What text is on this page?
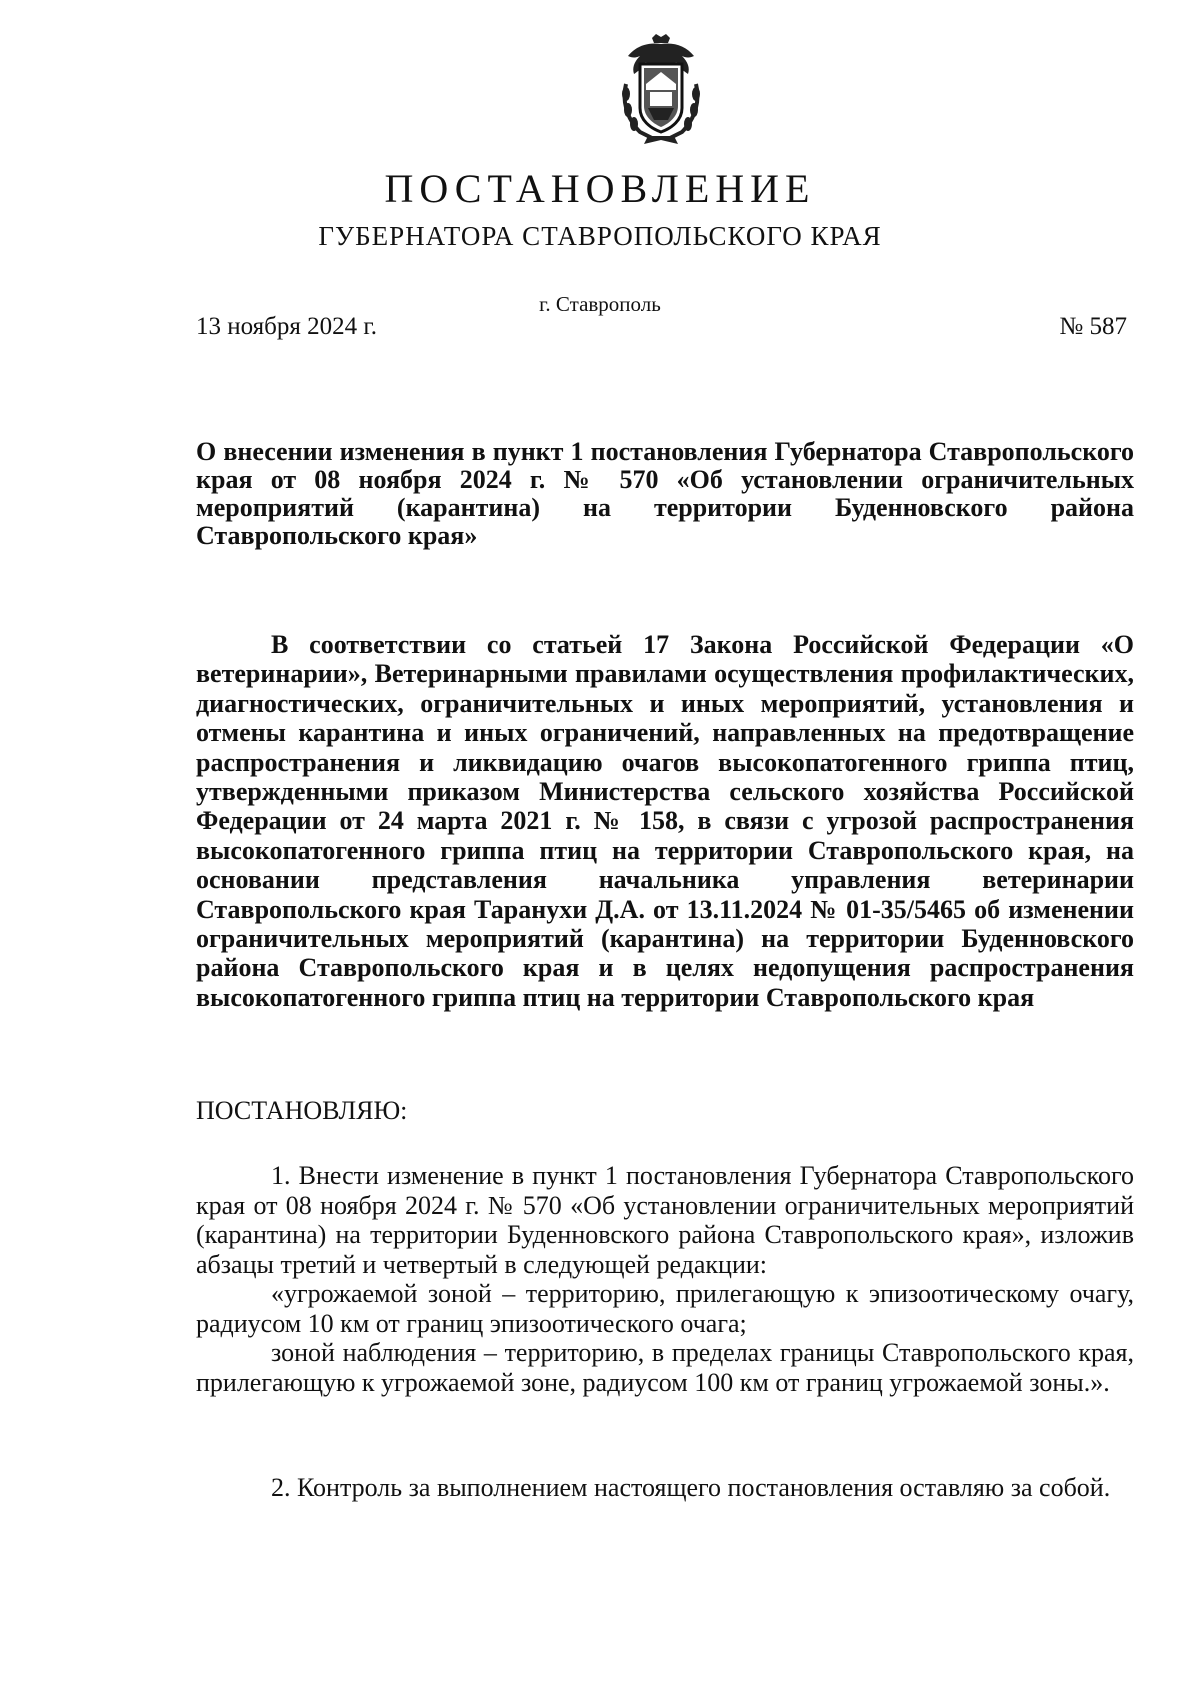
ПОСТАНОВЛЕНИЕ
ГУБЕРНАТОРА СТАВРОПОЛЬСКОГО КРАЯ
г. Ставрополь
13 ноября 2024 г.	№ 587

О внесении изменения в пункт 1 постановления Губернатора Ставропольского края от 08 ноября 2024 г. № 570 «Об установлении ограничительных мероприятий (карантина) на территории Буденновского района Ставропольского края»

В соответствии со статьей 17 Закона Российской Федерации «О ветеринарии», Ветеринарными правилами осуществления профилактических, диагностических, ограничительных и иных мероприятий, установления и отмены карантина и иных ограничений, направленных на предотвращение распространения и ликвидацию очагов высокопатогенного гриппа птиц, утвержденными приказом Министерства сельского хозяйства Российской Федерации от 24 марта 2021 г. № 158, в связи с угрозой распространения высокопатогенного гриппа птиц на территории Ставропольского края, на основании представления начальника управления ветеринарии Ставропольского края Таранухи Д.А. от 13.11.2024 № 01-35/5465 об изменении ограничительных мероприятий (карантина) на территории Буденновского района Ставропольского края и в целях недопущения распространения высокопатогенного гриппа птиц на территории Ставропольского края

ПОСТАНОВЛЯЮ:

1. Внести изменение в пункт 1 постановления Губернатора Ставропольского края от 08 ноября 2024 г. № 570 «Об установлении ограничительных мероприятий (карантина) на территории Буденновского района Ставропольского края», изложив абзацы третий и четвертый в следующей редакции:

«угрожаемой зоной – территорию, прилегающую к эпизоотическому очагу, радиусом 10 км от границ эпизоотического очага;

зоной наблюдения – территорию, в пределах границы Ставропольского края, прилегающую к угрожаемой зоне, радиусом 100 км от границ угрожаемой зоны.».

2. Контроль за выполнением настоящего постановления оставляю за собой.
